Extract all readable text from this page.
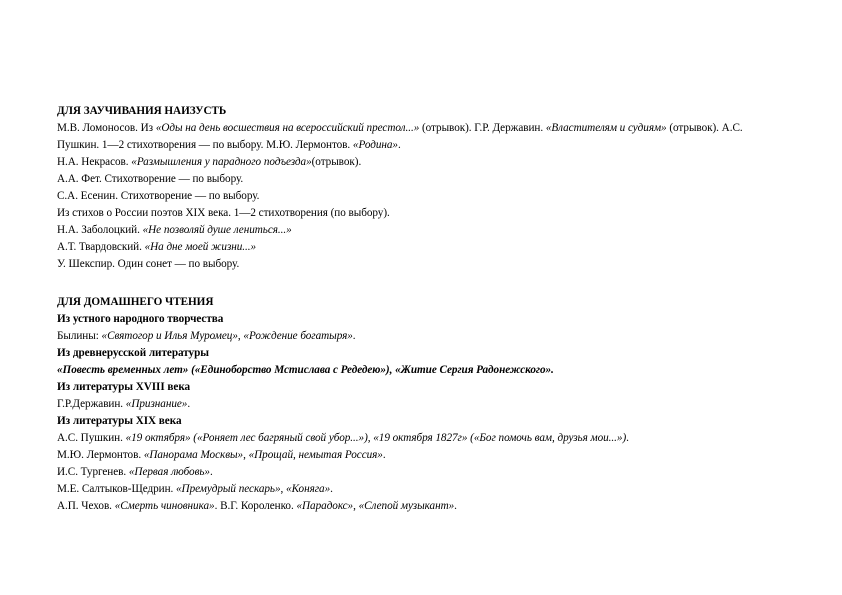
ДЛЯ ЗАУЧИВАНИЯ НАИЗУСТЬ
М.В. Ломоносов. Из «Оды на день восшествия на всероссийский престол...» (отрывок). Г.Р. Державин. «Властителям и судиям» (отрывок). А.С. Пушкин. 1—2 стихотворения — по выбору. М.Ю. Лермонтов. «Родина».
Н.А. Некрасов. «Размышления у парадного подъезда»(отрывок).
А.А. Фет. Стихотворение — по выбору.
С.А. Есенин. Стихотворение — по выбору.
Из стихов о России поэтов XIX века. 1—2 стихотворения (по выбору).
Н.А. Заболоцкий. «Не позволяй душе лениться...»
А.Т. Твардовский. «На дне моей жизни...»
У. Шекспир. Один сонет — по выбору.
ДЛЯ ДОМАШНЕГО ЧТЕНИЯ
Из устного народного творчества
Былины: «Святогор и Илья Муромец», «Рождение богатыря».
Из древнерусской литературы
«Повесть временных лет» («Единоборство Мстислава с Редедею»), «Житие Сергия Радонежского».
Из литературы XVIII века
Г.Р.Державин. «Признание».
Из литературы XIX века
А.С. Пушкин. «19 октября» («Роняет лес багряный свой убор...»), «19 октября 1827г» («Бог помочь вам, друзья мои...»).
М.Ю. Лермонтов. «Панорама Москвы», «Прощай, немытая Россия».
И.С. Тургенев. «Первая любовь».
М.Е. Салтыков-Щедрин. «Премудрый пескарь», «Коняга».
А.П. Чехов. «Смерть чиновника». В.Г. Короленко. «Парадокс», «Слепой музыкант».
